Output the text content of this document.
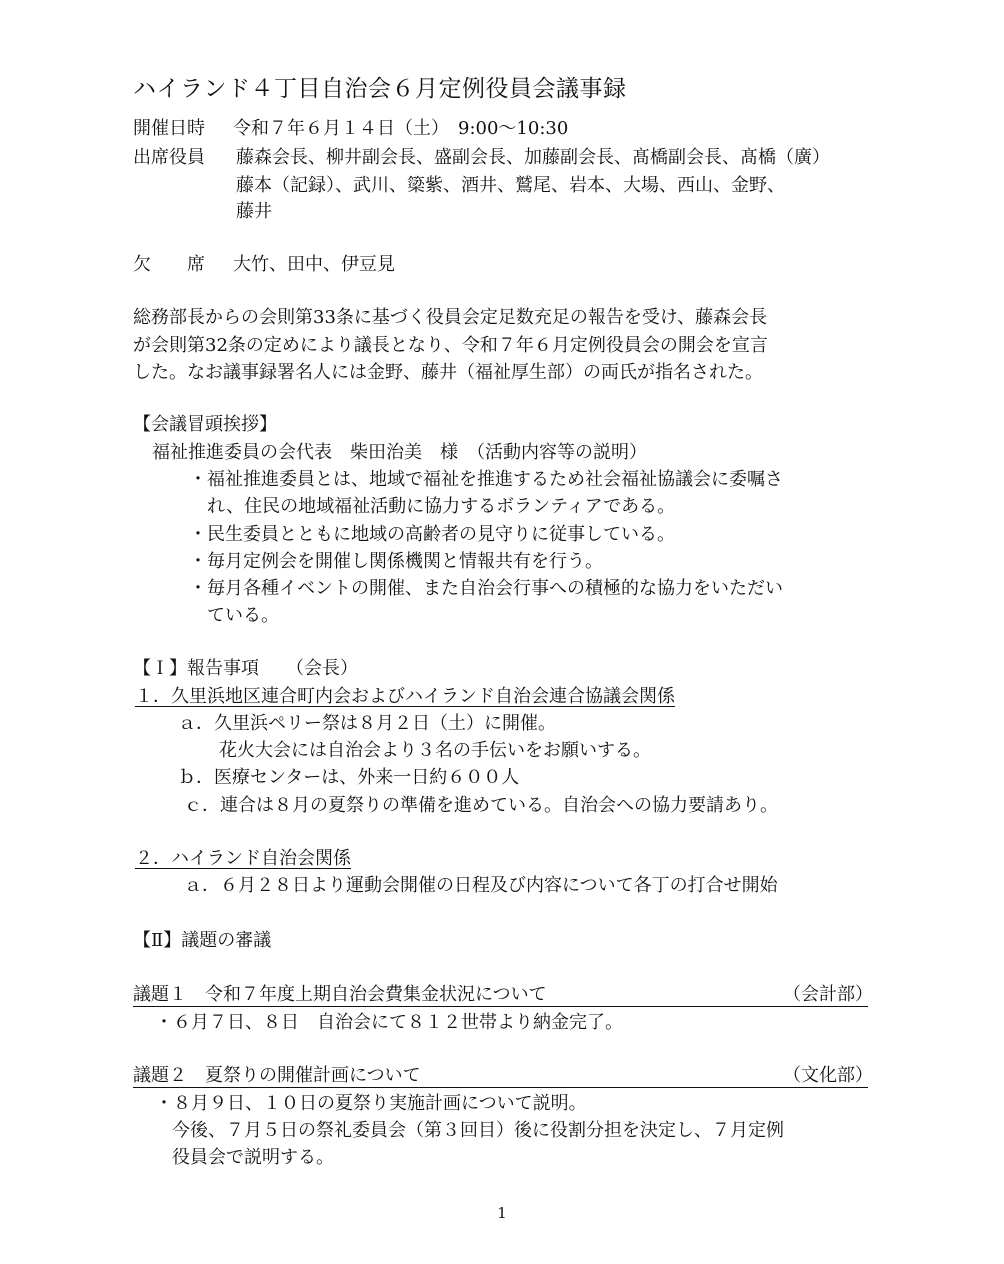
ハイランド４丁目自治会６月定例役員会議事録
開催日時 令和７年６月１４日（土）　9:00〜10:30
出席役員 藤森会長、柳井副会長、盛副会長、加藤副会長、髙橋副会長、髙橋（廣）
藤本（記録）、武川、簗紫、酒井、鷲尾、岩本、大場、西山、金野、
藤井
欠　　席 大竹、田中、伊豆見
総務部長からの会則第33条に基づく役員会定足数充足の報告を受け、藤森会長
が会則第32条の定めにより議長となり、令和７年６月定例役員会の開会を宣言
した。なお議事録署名人には金野、藤井（福祉厚生部）の両氏が指名された。
【会議冒頭挨拶】
福祉推進委員の会代表　柴田治美　様　（活動内容等の説明）
・福祉推進委員とは、地域で福祉を推進するため社会福祉協議会に委嘱さ
れ、住民の地域福祉活動に協力するボランティアである。
・民生委員とともに地域の高齢者の見守りに従事している。
・毎月定例会を開催し関係機関と情報共有を行う。
・毎月各種イベントの開催、また自治会行事への積極的な協力をいただい
ている。
【Ｉ】報告事項　　（会長）
１．久里浜地区連合町内会およびハイランド自治会連合協議会関係
ａ．久里浜ペリー祭は８月２日（土）に開催。
花火大会には自治会より３名の手伝いをお願いする。
ｂ．医療センターは、外来一日約６００人
ｃ．連合は８月の夏祭りの準備を進めている。自治会への協力要請あり。
２．ハイランド自治会関係
ａ．６月２８日より運動会開催の日程及び内容について各丁の打合せ開始
【Ⅱ】議題の審議
議題１　令和７年度上期自治会費集金状況について	（会計部）
・６月７日、８日　自治会にて８１２世帯より納金完了。
議題２　夏祭りの開催計画について	（文化部）
・８月９日、１０日の夏祭り実施計画について説明。
今後、７月５日の祭礼委員会（第３回目）後に役割分担を決定し、７月定例
役員会で説明する。
1
